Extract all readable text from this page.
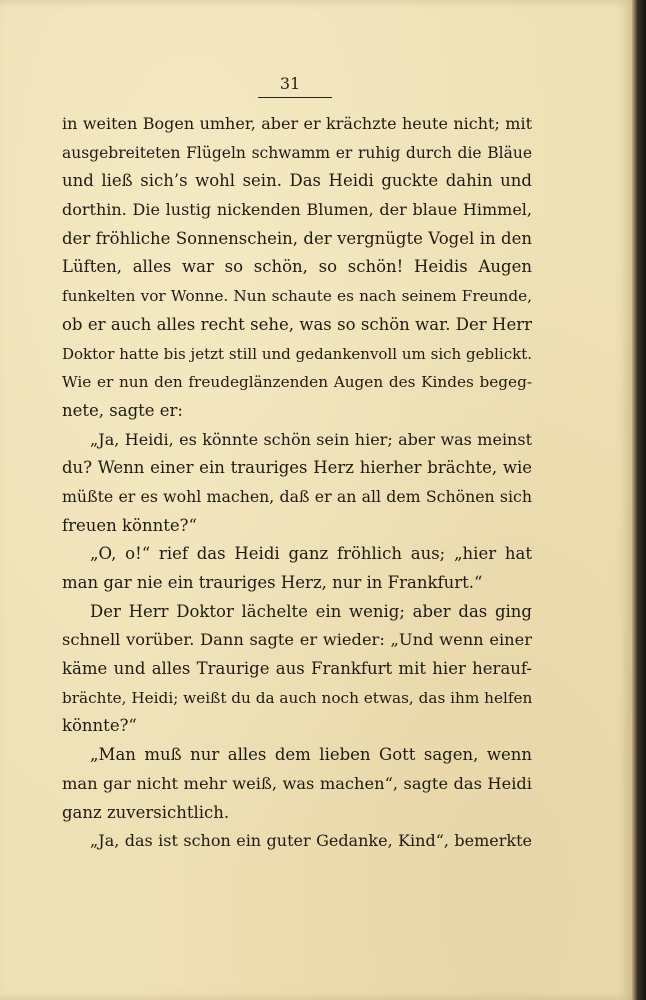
31
in weiten Bogen umher, aber er krächzte heute nicht; mit
ausgebreiteten Flügeln schwamm er ruhig durch die Bläue
und ließ sich’s wohl sein. Das Heidi guckte dahin und
dorthin. Die lustig nickenden Blumen, der blaue Himmel,
der fröhliche Sonnenschein, der vergnügte Vogel in den
Lüften, alles war so schön, so schön! Heidis Augen
funkelten vor Wonne. Nun schaute es nach seinem Freunde,
ob er auch alles recht sehe, was so schön war. Der Herr
Doktor hatte bis jetzt still und gedankenvoll um sich geblickt.
Wie er nun den freudeglänzenden Augen des Kindes begeg-
nete, sagte er:
„Ja, Heidi, es könnte schön sein hier; aber was meinst
du? Wenn einer ein trauriges Herz hierher brächte, wie
müßte er es wohl machen, daß er an all dem Schönen sich
freuen könnte?“
„O, o!“ rief das Heidi ganz fröhlich aus; „hier hat
man gar nie ein trauriges Herz, nur in Frankfurt.“
Der Herr Doktor lächelte ein wenig; aber das ging
schnell vorüber. Dann sagte er wieder: „Und wenn einer
käme und alles Traurige aus Frankfurt mit hier herauf-
brächte, Heidi; weißt du da auch noch etwas, das ihm helfen
könnte?“
„Man muß nur alles dem lieben Gott sagen, wenn
man gar nicht mehr weiß, was machen“, sagte das Heidi
ganz zuversichtlich.
„Ja, das ist schon ein guter Gedanke, Kind“, bemerkte
